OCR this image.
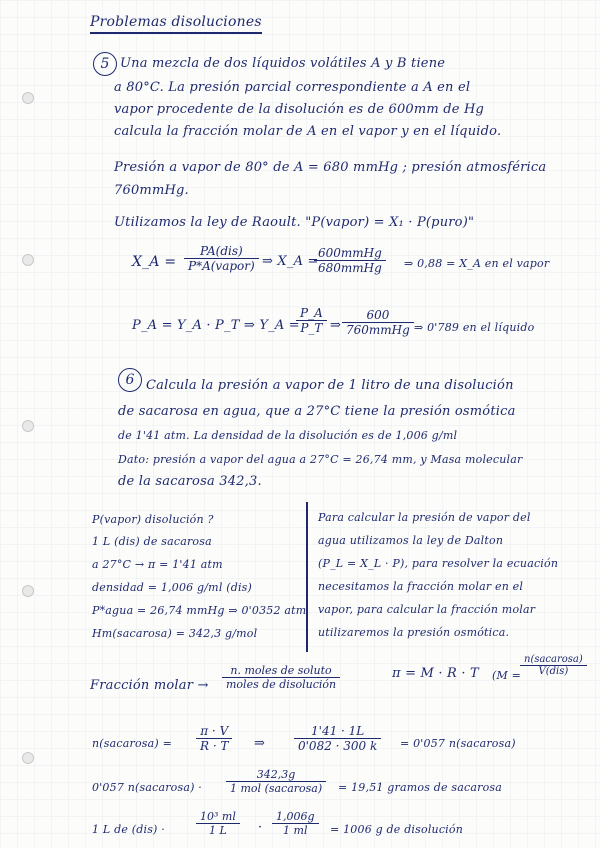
Problemas disoluciones
5 Una mezcla de dos líquidos volátiles A y B tiene
a 80°C. La presión parcial correspondiente a A en el
vapor procedente de la disolución es de 600mm de Hg
calcula la fracción molar de A en el vapor y en el líquido.
Presión a vapor de 80° de A = 680 mmHg ; presión atmosférica
760mmHg.
Utilizamos la ley de Raoult. "P(vapor) = X₁ · P(puro)"
X_A =
PA(dis)
P*A(vapor) ⇒ X_A =
600mmHg
680mmHg	⇒ 0,88 = X_A en el vapor
P_A = Y_A · P_T ⇒ Y_A =
$\frac{P\_A}{P\_T}$ ⇒
600
760mmHg ⇒ 0'789 en el líquido
6 Calcula la presión a vapor de 1 litro de una disolución
de sacarosa en agua, que a 27°C tiene la presión osmótica
de 1'41 atm. La densidad de la disolución es de 1,006 g/ml
Dato: presión a vapor del agua a 27°C = 26,74 mm, y Masa molecular
de la sacarosa 342,3.
P(vapor) disolución ?
1 L (dis) de sacarosa
a 27°C → π = 1'41 atm
densidad = 1,006 g/ml (dis)
P*agua = 26,74 mmHg ⇒ 0'0352 atm
Hm(sacarosa) = 342,3 g/mol
Para calcular la presión de vapor del
agua utilizamos la ley de Dalton
(P_L = X_L · P), para resolver la ecuación
necesitamos la fracción molar en el
vapor, para calcular la fracción molar
utilizaremos la presión osmótica.
Fracción molar →
n. moles de soluto
moles de disolución
π = M · R · T (M =
n(sacarosa)
V(dis)
n(sacarosa) = $\frac{\pi \cdot V}{R \cdot T}$ ⇒ $\frac{1'41 \cdot 1L}{0'082 \cdot 300 k} = 0'057$ n(sacarosa)
0'057 n(sacarosa) ·
342,3g
1 mol (sacarosa)	= 19,51 gramos de sacarosa
1 L de (dis) ·	$\frac{\text{10³ ml}}{1 L} \cdot \frac{1,006g}{1 ml} = 1006$ g de disolución
